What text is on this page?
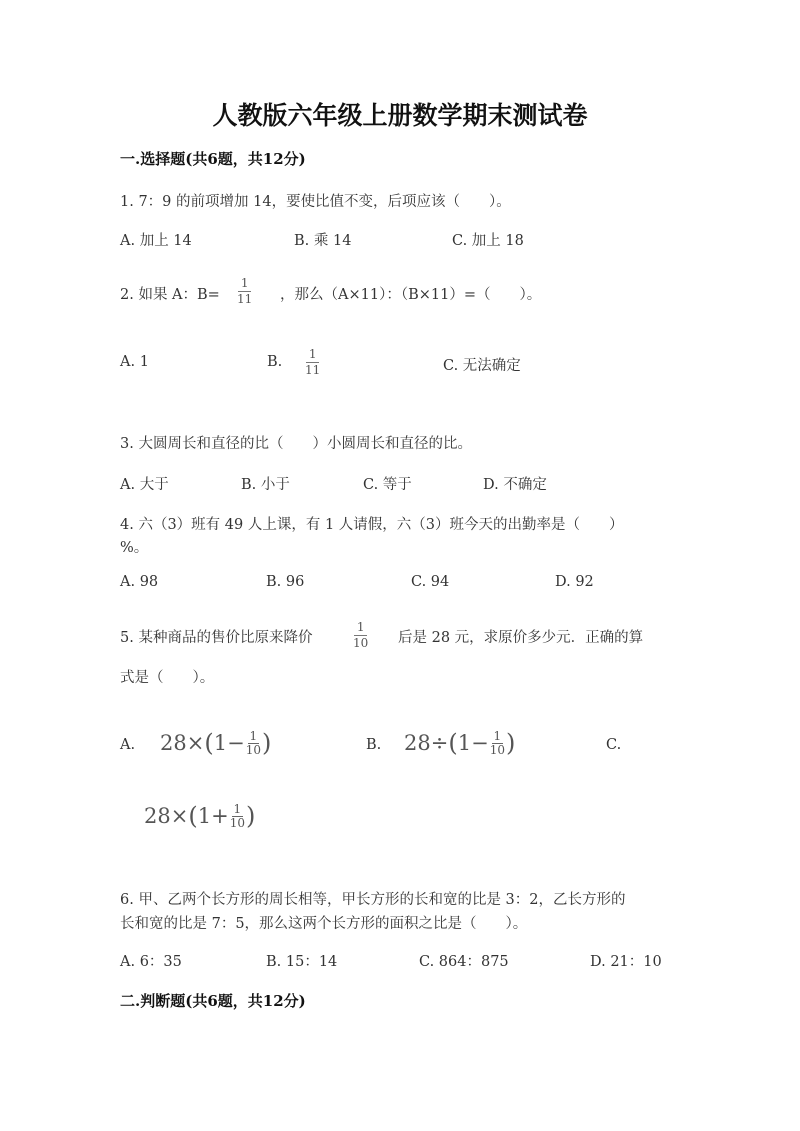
人教版六年级上册数学期末测试卷
一.选择题(共6题，共12分)
1. 7：9 的前项增加 14，要使比值不变，后项应该（　　）。
A. 加上 14	B. 乘 14	C. 加上 18
2. 如果 A：$B= \frac{1}{11}$ ，那么（A×11）：（B×11）=（　　）。
A. 1	B. $\frac{1}{11}$	C. 无法确定
3. 大圆周长和直径的比（　　）小圆周长和直径的比。
A. 大于	B. 小于	C. 等于	D. 不确定
4. 六（3）班有 49 人上课，有 1 人请假，六（3）班今天的出勤率是（　　）
%。
A. 98	B. 96	C. 94	D. 92
5. 某种商品的售价比原来降价	$\frac{1}{10}$ 后是 28 元，求原价多少元．正确的算
式是（　　）。
A. 28 × ( $1 - \frac{1}{10}$ )	B. 28 ÷ ( $1 - \frac{1}{10}$ )	C.
28 × ( $1 + \frac{1}{10}$ )
6. 甲、乙两个长方形的周长相等，甲长方形的长和宽的比是 3：2，乙长方形的
长和宽的比是 7：5，那么这两个长方形的面积之比是（　　）。
A. 6：35	B. 15：14	C. 864：875	D. 21：10
二.判断题(共6题，共12分)
